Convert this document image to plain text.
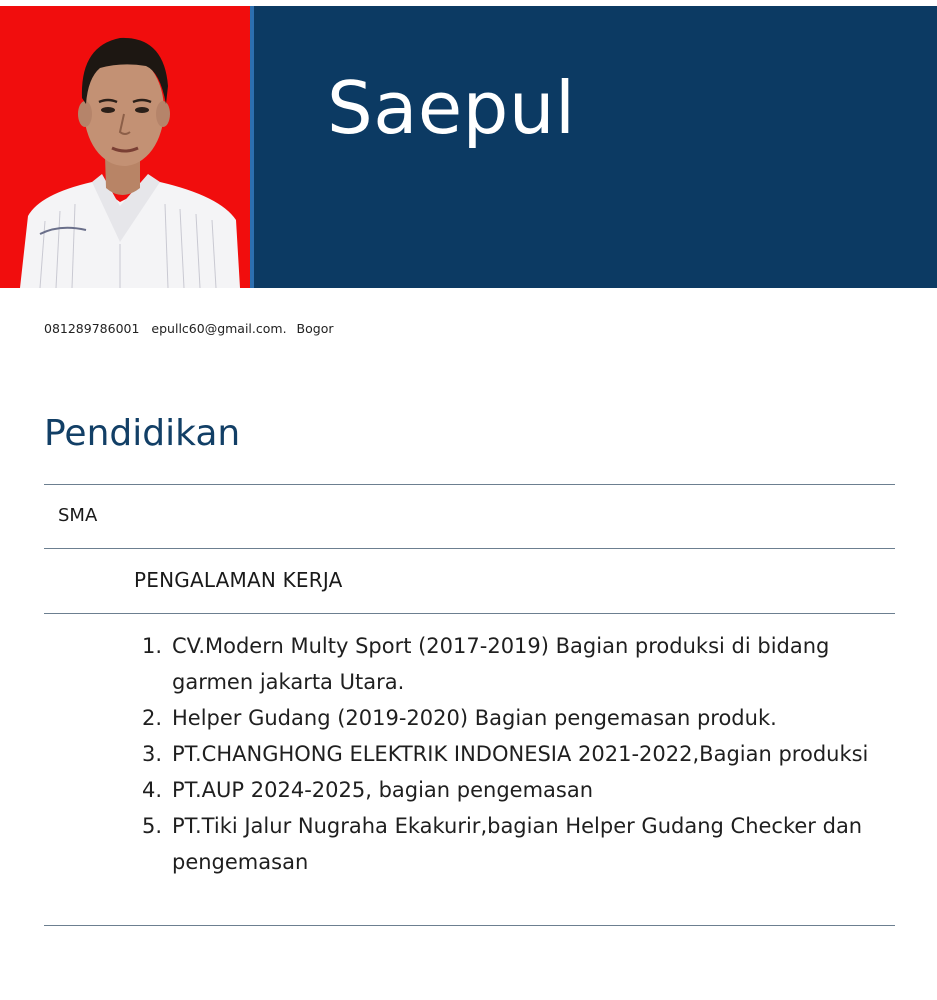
Saepul
081289786001 epullc60@gmail.com. Bogor
Pendidikan
SMA
PENGALAMAN KERJA
1. CV.Modern Multy Sport (2017-2019) Bagian produksi di bidang garmen jakarta Utara.
2. Helper Gudang (2019-2020) Bagian pengemasan produk.
3. PT.CHANGHONG ELEKTRIK INDONESIA 2021-2022,Bagian produksi
4. PT.AUP 2024-2025, bagian pengemasan
5. PT.Tiki Jalur Nugraha Ekakurir,bagian Helper Gudang Checker dan pengemasan
